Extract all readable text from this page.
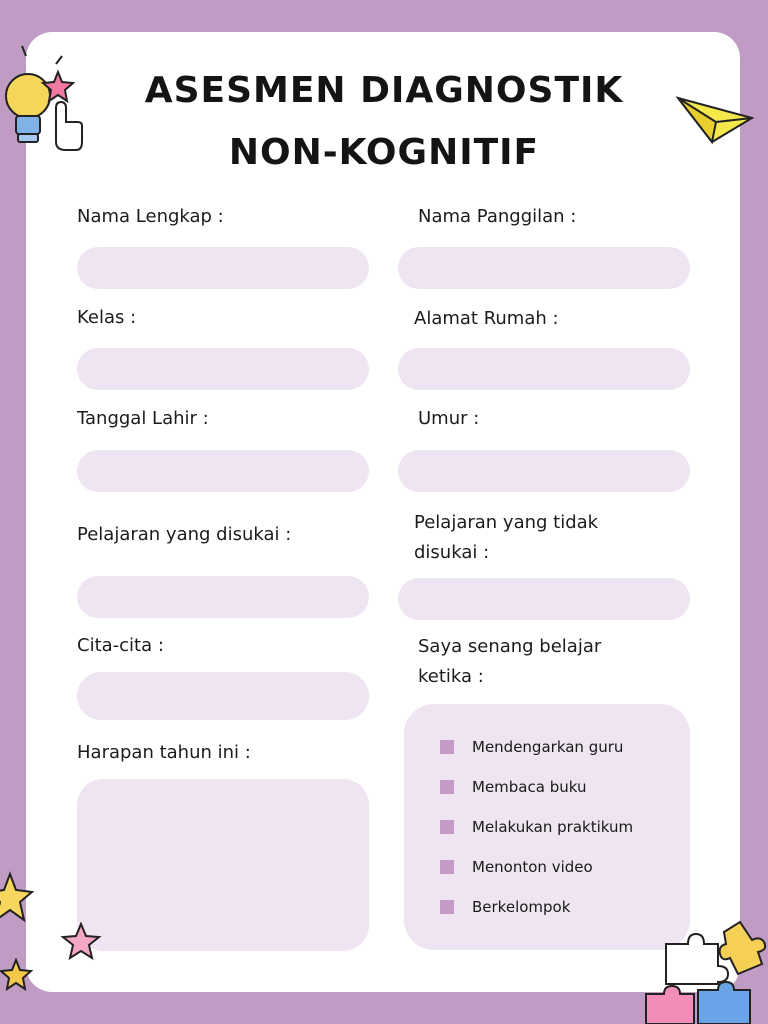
ASESMEN DIAGNOSTIK
NON-KOGNITIF
Nama Lengkap :
Kelas :
Tanggal Lahir :
Pelajaran yang disukai :
Cita-cita :
Harapan tahun ini :
Nama Panggilan :
Alamat Rumah :
Umur :
Pelajaran yang tidak
disukai :
Saya senang belajar
ketika :
Mendengarkan guru
Membaca buku
Melakukan praktikum
Menonton video
Berkelompok
